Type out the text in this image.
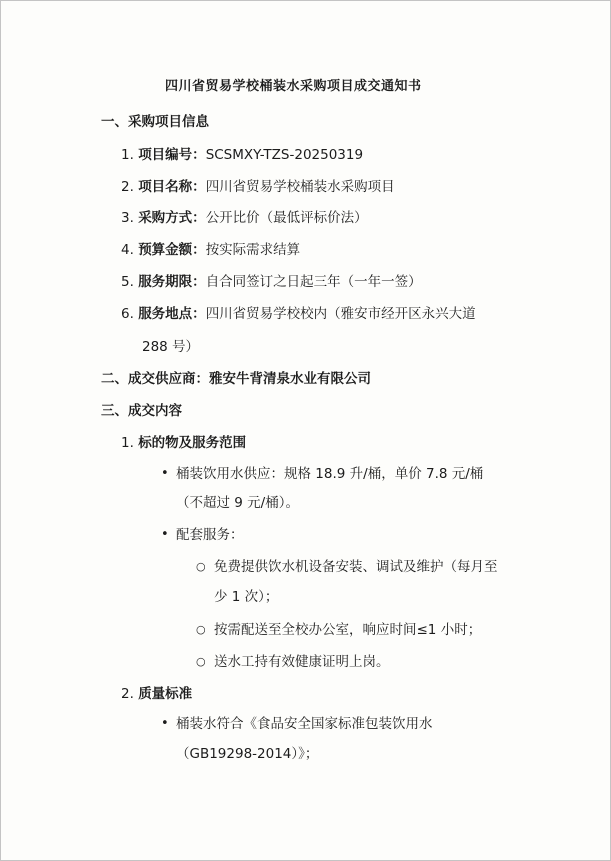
四川省贸易学校桶装水采购项目成交通知书
一、采购项目信息
1. 项目编号：SCSMXY-TZS-20250319
2. 项目名称：四川省贸易学校桶装水采购项目
3. 采购方式：公开比价（最低评标价法）
4. 预算金额：按实际需求结算
5. 服务期限：自合同签订之日起三年（一年一签）
6. 服务地点：四川省贸易学校校内（雅安市经开区永兴大道
288 号）
二、成交供应商：雅安牛背清泉水业有限公司
三、成交内容
1. 标的物及服务范围
• 桶装饮用水供应：规格 18.9 升/桶，单价 7.8 元/桶
（不超过 9 元/桶）。
• 配套服务：
○ 免费提供饮水机设备安装、调试及维护（每月至
少 1 次）；
○ 按需配送至全校办公室，响应时间≤1 小时；
○ 送水工持有效健康证明上岗。
2. 质量标准
• 桶装水符合《食品安全国家标准包装饮用水
（GB19298-2014）》；
